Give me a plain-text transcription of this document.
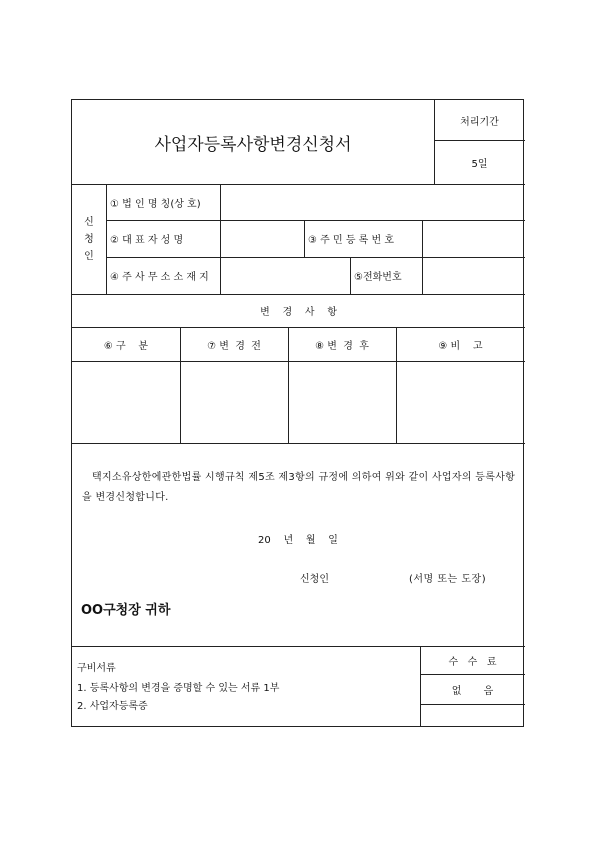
사업자등록사항변경신청서
처리기간
5일
신
청
인
① 법 인 명 칭(상 호)
② 대 표 자 성 명	③ 주 민 등 록 번 호
④ 주 사 무 소 소 재 지	⑤전화번호
변    경    사    항
⑥ 구    분	⑦ 변  경  전	⑧ 변  경  후	⑨ 비    고
택지소유상한에관한법률 시행규칙 제5조 제3항의 규정에 의하여 위와 같이 사업자의 등록사항을 변경신청합니다.
20    년    월    일
신청인	(서명 또는 도장)
OO구청장 귀하
구비서류
1. 등록사항의 변경을 증명할 수 있는 서류 1부
2. 사업자등록증
수   수   료
없       음
